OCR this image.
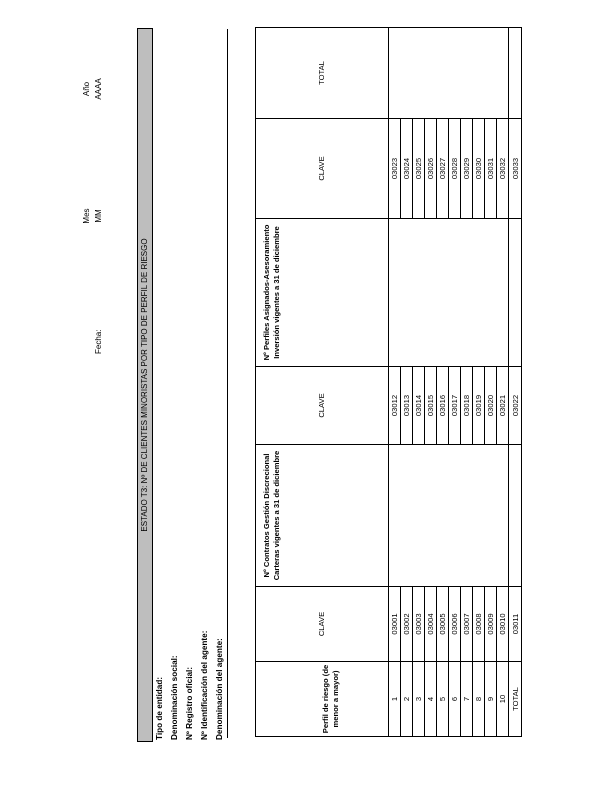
Fecha:
Mes MM
Año AAAA
ESTADO T3: Nº DE CLIENTES MINORISTAS POR TIPO DE PERFIL DE RIESGO
Tipo de entidad: Denominación social: Nº Registro oficial: Nº Identificación del agente: Denominación del agente:	Perfil de riesgo (de menor a mayor)	CLAVE	Nº Contratos Gestión Discrecional Carteras vigentes a 31 de diciembre	CLAVE	Nº Perfiles Asignados-Asesoramiento Inversión vigentes a 31 de diciembre	CLAVE	TOTAL
1	03001		03012		03023	
2	03002		03013		03024	
3	03003		03014		03025	
4	03004		03015		03026	
5	03005		03016		03027	
6	03006		03017		03028	
7	03007		03018		03029	
8	03008		03019		03030	
9	03009		03020		03031	
10	03010		03021		03032	
TOTAL	03011		03022		03033	
